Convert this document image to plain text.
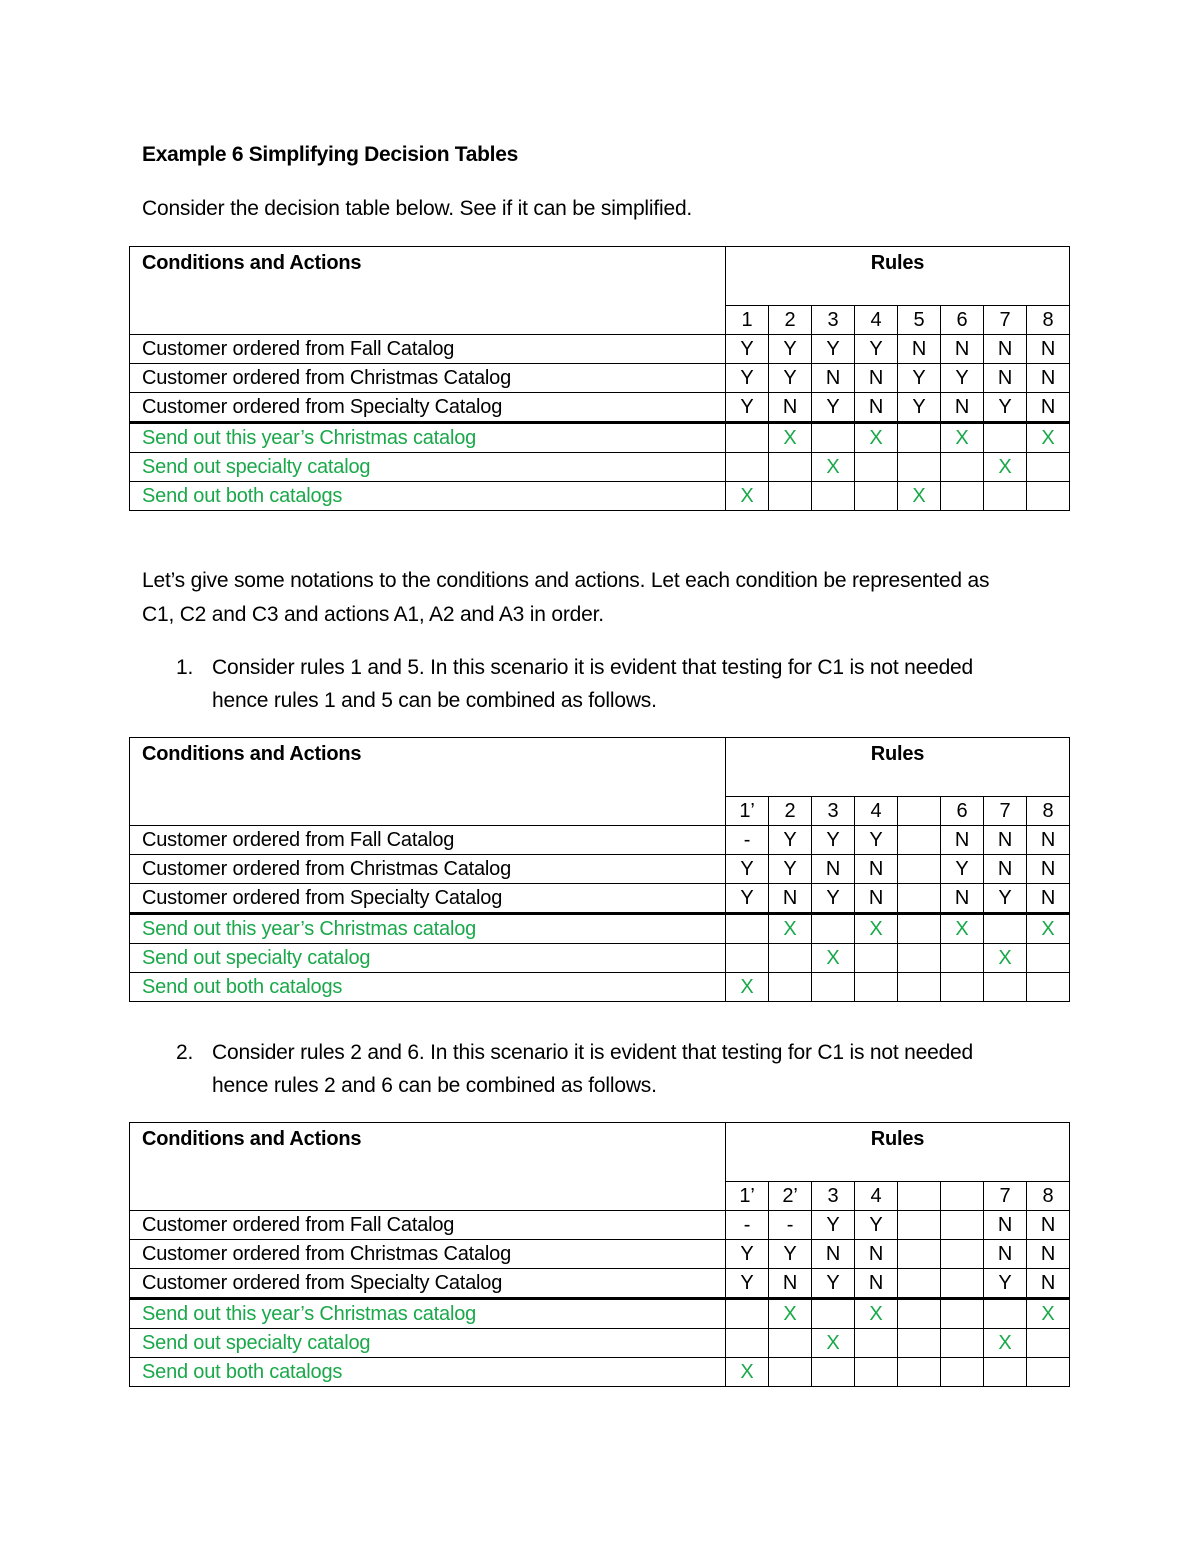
Example 6 Simplifying Decision Tables
Consider the decision table below. See if it can be simplified.
Conditions and Actions	Rules							
	1	2	3	4	5	6	7	8
Customer ordered from Fall Catalog	Y	Y	Y	Y	N	N	N	N
Customer ordered from Christmas Catalog	Y	Y	N	N	Y	Y	N	N
Customer ordered from Specialty Catalog	Y	N	Y	N	Y	N	Y	N
Send out this year’s Christmas catalog		X		X		X		X
Send out specialty catalog			X				X	
Send out both catalogs	X				X			
Let’s give some notations to the conditions and actions. Let each condition be represented as
C1, C2 and C3 and actions A1, A2 and A3 in order.
1. Consider rules 1 and 5. In this scenario it is evident that testing for C1 is not needed
hence rules 1 and 5 can be combined as follows.
Conditions and Actions	Rules							
	1’	2	3	4		6	7	8
Customer ordered from Fall Catalog	-	Y	Y	Y		N	N	N
Customer ordered from Christmas Catalog	Y	Y	N	N		Y	N	N
Customer ordered from Specialty Catalog	Y	N	Y	N		N	Y	N
Send out this year’s Christmas catalog		X		X		X		X
Send out specialty catalog			X				X	
Send out both catalogs	X							
2. Consider rules 2 and 6. In this scenario it is evident that testing for C1 is not needed
hence rules 2 and 6 can be combined as follows.
Conditions and Actions	Rules							
	1’	2’	3	4			7	8
Customer ordered from Fall Catalog	-	-	Y	Y			N	N
Customer ordered from Christmas Catalog	Y	Y	N	N			N	N
Customer ordered from Specialty Catalog	Y	N	Y	N			Y	N
Send out this year’s Christmas catalog		X		X				X
Send out specialty catalog			X				X	
Send out both catalogs	X							
